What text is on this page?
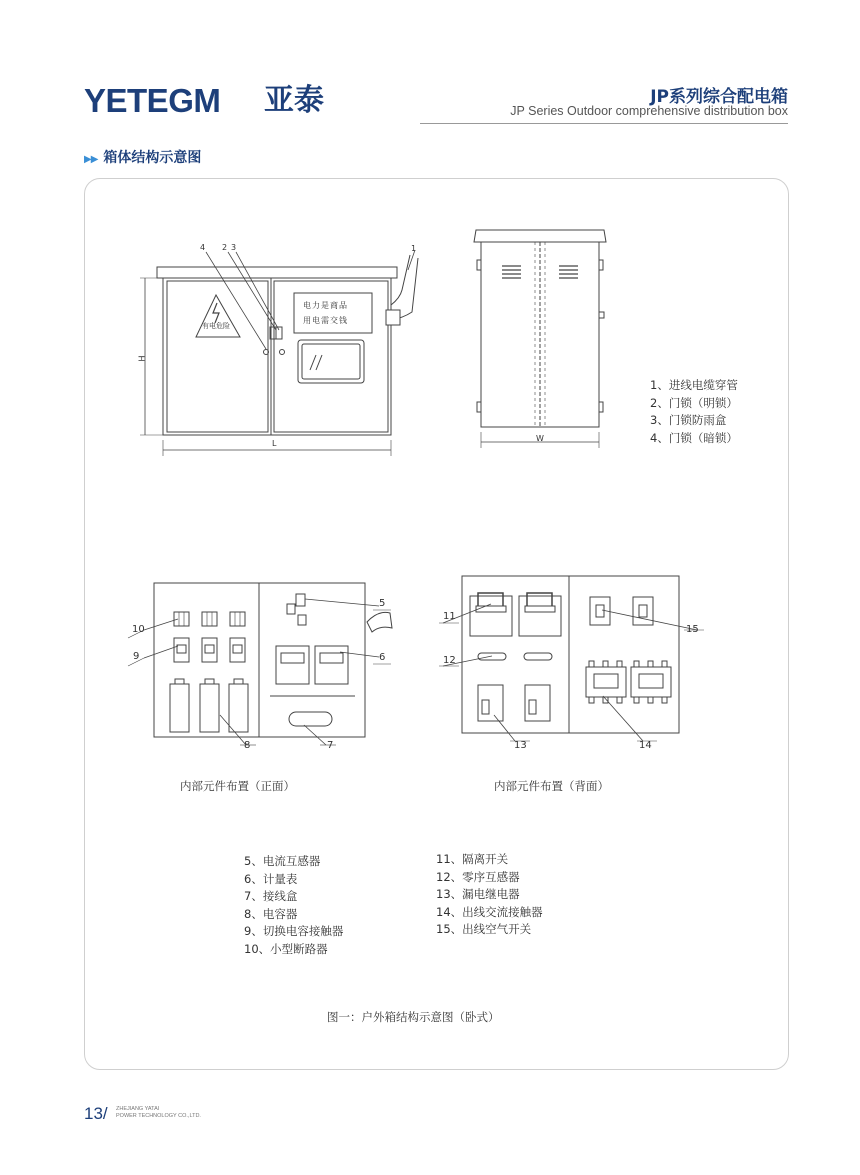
YETEGM 亚泰	JP系列综合配电箱
JP Series Outdoor comprehensive distribution box
▶▶ 箱体结构示意图
有电危险
电力是商品
用电需交钱
H
L
1
2 3
4
W
1、进线电缆穿管
2、门锁（明锁）
3、门锁防雨盒
4、门锁（暗锁）
10
9
8	7
6
5
11
12
13	14
15
内部元件布置（正面）	内部元件布置（背面）
5、电流互感器
6、计量表
7、接线盒
8、电容器
9、切换电容接触器
10、小型断路器
11、隔离开关
12、零序互感器
13、漏电继电器
14、出线交流接触器
15、出线空气开关
图一：户外箱结构示意图（卧式）
13/ ZHEJIANG YATAI
POWER TECHNOLOGY CO.,LTD.
